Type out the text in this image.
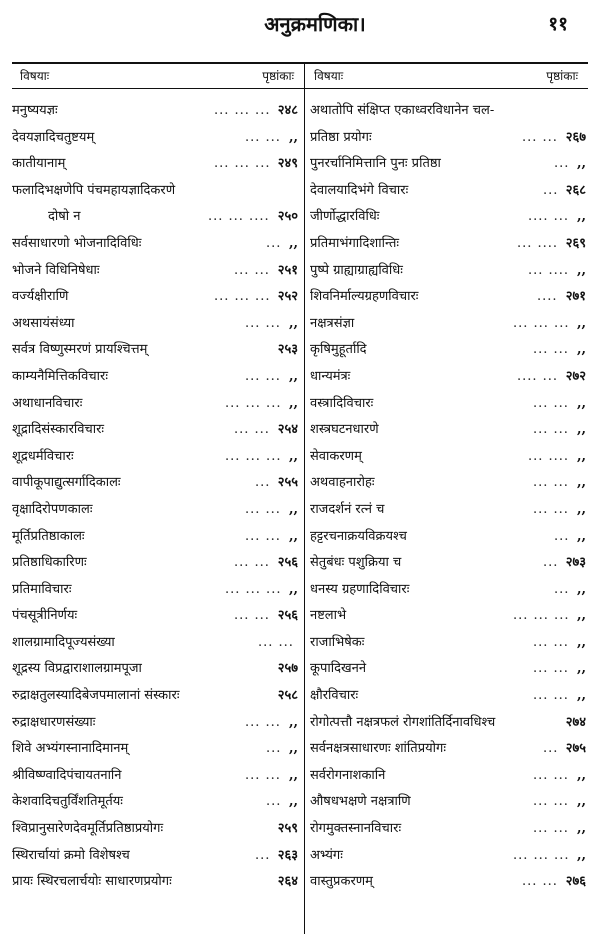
अनुक्रमणिका।	११
विषयाः	पृष्ठांकाः विषयाः	पृष्ठांकाः
मनुष्ययज्ञः	... ... ... २४८
देवयज्ञादिचतुष्टयम्	... ... ,,
कातीयानाम्	... ... ... २४९
फलादिभक्षणेपि पंचमहायज्ञादिकरणे
दोषो न	... ... .... २५०
सर्वसाधारणो भोजनादिविधिः	... ,,
भोजने विधिनिषेधाः	... ... २५१
वर्ज्यक्षीराणि	... ... ... २५२
अथसायंसंध्या	... ... ,,
सर्वत्र विष्णुस्मरणं प्रायश्चित्तम्	२५३
काम्यनैमित्तिकविचारः	... ... ,,
अथाधानविचारः	... ... ... ,,
शूद्रादिसंस्कारविचारः	... ... २५४
शूद्रधर्मविचारः	... ... ... ,,
वापीकूपाद्युत्सर्गादिकालः	... २५५
वृक्षादिरोपणकालः	... ... ,,
मूर्तिप्रतिष्ठाकालः	... ... ,,
प्रतिष्ठाधिकारिणः	... ... २५६
प्रतिमाविचारः	... ... ... ,,
पंचसूत्रीनिर्णयः	... ... २५६
शालग्रामादिपूज्यसंख्या	... ...
शूद्रस्य विप्रद्वाराशालग्रामपूजा	२५७
रुद्राक्षतुलस्यादिबेजपमालानां संस्कारः	२५८
रुद्राक्षधारणसंख्याः	... ... ,,
शिवे अभ्यंगस्नानादिमानम्	... ,,
श्रीविष्ण्वादिपंचायतनानि	... ... ,,
केशवादिचतुर्विंशतिमूर्तयः	... ,,
श्विप्रानुसारेणदेवमूर्तिप्रतिष्ठाप्रयोगः	२५९
स्थिरार्चायां क्रमो विशेषश्च	... २६३
प्रायः स्थिरचलार्चयोः साधारणप्रयोगः	२६४
अथातोपि संक्षिप्त एकाध्वरविधानेन चल-
प्रतिष्ठा प्रयोगः	... ... २६७
पुनरर्चानिमित्तानि पुनः प्रतिष्ठा	... ,,
देवालयादिभंगे विचारः	... २६८
जीर्णोद्धारविधिः	.... ... ,,
प्रतिमाभंगादिशान्तिः	... .... २६९
पुष्पे ग्राह्याग्राह्यविधिः	... .... ,,
शिवनिर्माल्यग्रहणविचारः	.... २७१
नक्षत्रसंज्ञा	... ... ... ,,
कृषिमुहूर्तादि	... ... ,,
धान्यमंत्रः	.... ... २७२
वस्त्रादिविचारः	... ... ,,
शस्त्रघटनधारणे	... ... ,,
सेवाकरणम्	... .... ,,
अथवाहनारोहः	... ... ,,
राजदर्शनं रत्नं च	... ... ,,
हट्टरचनाक्रयविक्रयश्च	... ,,
सेतुबंधः पशुक्रिया च	... २७३
धनस्य ग्रहणादिविचारः	... ,,
नष्टलाभे	... ... ... ,,
राजाभिषेकः	... ... ,,
कूपादिखनने	... ... ,,
क्षौरविचारः	... ... ,,
रोगोत्पत्तौ नक्षत्रफलं रोगशांतिर्दिनावधिश्च	२७४
सर्वनक्षत्रसाधारणः शांतिप्रयोगः	... २७५
सर्वरोगनाशकानि	... ... ,,
औषधभक्षणे नक्षत्राणि	... ... ,,
रोगमुक्तस्नानविचारः	... ... ,,
अभ्यंगः	... ... ... ,,
वास्तुप्रकरणम्	... ... २७६
